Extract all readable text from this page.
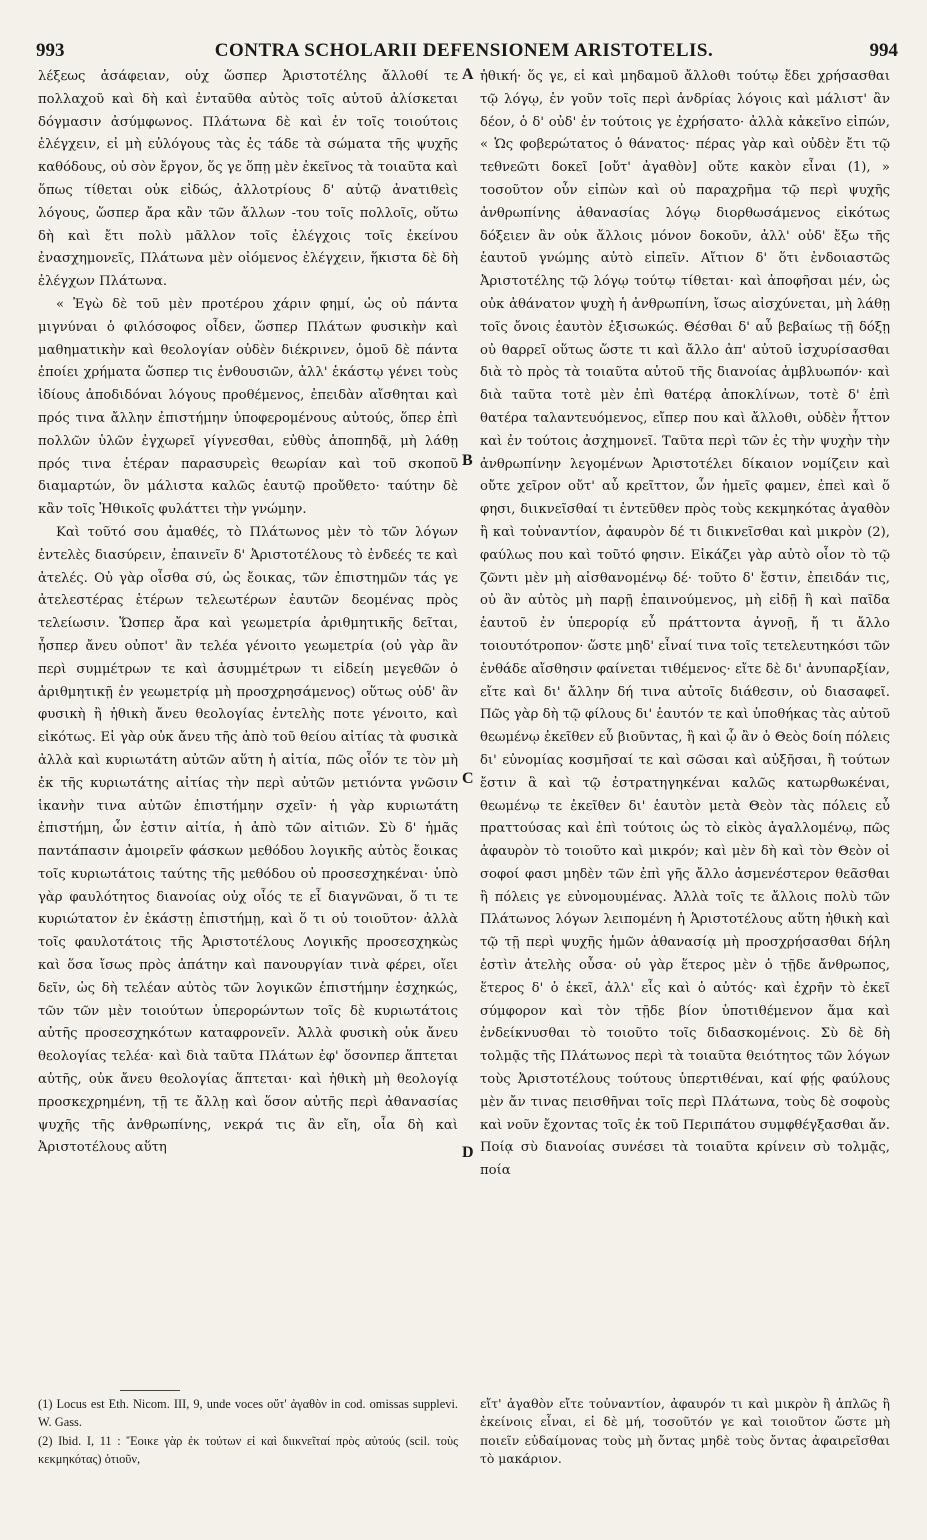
993	CONTRA SCHOLARII DEFENSIONEM ARISTOTELIS.	994

λέξεως ἀσάφειαν, οὐχ ὥσπερ Ἀριστοτέλης ἄλλοθί τε πολλαχοῦ καὶ δὴ καὶ ἐνταῦθα αὐτὸς τοῖς αὑτοῦ ἀλίσκεται δόγμασιν ἀσύμφωνος. Πλάτωνα δὲ καὶ ἐν τοῖς τοιούτοις ἐλέγχειν, εἰ μὴ εὐλόγους τὰς ἐς τάδε τὰ σώματα τῆς ψυχῆς καθόδους, οὐ σὸν ἔργον, ὅς γε ὅπῃ μὲν ἐκεῖνος τὰ τοιαῦτα καὶ ὅπως τίθεται οὐκ εἰδώς, ἀλλοτρίους δ' αὐτῷ ἀνατιθεὶς λόγους, ὥσπερ ἄρα κἂν τῶν ἄλλων ‑του τοῖς πολλοῖς, οὕτω δὴ καὶ ἔτι πολὺ μᾶλλον τοῖς ἐλέγχοις τοῖς ἐκείνου ἐνασχημονεῖς, Πλάτωνα μὲν οἰόμενος ἐλέγχειν, ἥκιστα δὲ δὴ ἐλέγχων Πλάτωνα.

« Ἐγὼ δὲ τοῦ μὲν προτέρου χάριν φημί, ὡς οὐ πάντα μιγνύναι ὁ φιλόσοφος οἶδεν, ὥσπερ Πλάτων φυσικὴν καὶ μαθηματικὴν καὶ θεολογίαν οὐδὲν διέκρινεν, ὁμοῦ δὲ πάντα ἐποίει χρήματα ὥσπερ τις ἐνθουσιῶν, ἀλλ' ἑκάστῳ γένει τοὺς ἰδίους ἀποδιδόναι λόγους προθέμενος, ἐπειδὰν αἴσθηται καὶ πρός τινα ἄλλην ἐπιστήμην ὑποφερομένους αὐτούς, ὅπερ ἐπὶ πολλῶν ὑλῶν ἐγχωρεῖ γίγνεσθαι, εὐθὺς ἀποπηδᾷ, μὴ λάθῃ πρός τινα ἑτέραν παρασυρεὶς θεωρίαν καὶ τοῦ σκοποῦ διαμαρτών, ὃν μάλιστα καλῶς ἑαυτῷ προὔθετο· ταύτην δὲ κἂν τοῖς Ἠθικοῖς φυλάττει τὴν γνώμην.

Καὶ τοῦτό σου ἀμαθές, τὸ Πλάτωνος μὲν τὸ τῶν λόγων ἐντελὲς διασύρειν, ἐπαινεῖν δ' Ἀριστοτέλους τὸ ἐνδεές τε καὶ ἀτελές. Οὐ γὰρ οἶσθα σύ, ὡς ἔοικας, τῶν ἐπιστημῶν τάς γε ἀτελεστέρας ἑτέρων τελεωτέρων ἑαυτῶν δεομένας πρὸς τελείωσιν. Ὥσπερ ἄρα καὶ γεωμετρία ἀριθμητικῆς δεῖται, ἧσπερ ἄνευ οὐποτ' ἂν τελέα γένοιτο γεωμετρία (οὐ γὰρ ἂν περὶ συμμέτρων τε καὶ ἀσυμμέτρων τι εἰδείη μεγεθῶν ὁ ἀριθμητικῇ ἐν γεωμετρίᾳ μὴ προσχρησάμενος) οὕτως οὐδ' ἂν φυσικὴ ἢ ἠθικὴ ἄνευ θεολογίας ἐντελὴς ποτε γένοιτο, καὶ εἰκότως. Εἰ γὰρ οὐκ ἄνευ τῆς ἀπὸ τοῦ θείου αἰτίας τὰ φυσικὰ ἀλλὰ καὶ κυριωτάτη αὐτῶν αὕτη ἡ αἰτία, πῶς οἷόν τε τὸν μὴ ἐκ τῆς κυριωτάτης αἰτίας τὴν περὶ αὐτῶν μετιόντα γνῶσιν ἱκανὴν τινα αὐτῶν ἐπιστήμην σχεῖν· ἡ γὰρ κυριωτάτη ἐπιστήμη, ὧν ἐστιν αἰτία, ἡ ἀπὸ τῶν αἰτιῶν. Σὺ δ' ἡμᾶς παντάπασιν ἀμοιρεῖν φάσκων μεθόδου λογικῆς αὐτὸς ἔοικας τοῖς κυριωτάτοις ταύτης τῆς μεθόδου οὐ προσεσχηκέναι· ὑπὸ γὰρ φαυλότητος διανοίας οὐχ οἷός τε εἶ διαγνῶναι, ὅ τι τε κυριώτατον ἐν ἑκάστῃ ἐπιστήμῃ, καὶ ὅ τι οὐ τοιοῦτον· ἀλλὰ τοῖς φαυλοτάτοις τῆς Ἀριστοτέλους Λογικῆς προσεσχηκὼς καὶ ὅσα ἴσως πρὸς ἀπάτην καὶ πανουργίαν τινὰ φέρει, οἴει δεῖν, ὡς δὴ τελέαν αὐτὸς τῶν λογικῶν ἐπιστήμην ἐσχηκώς, τῶν τῶν μὲν τοιούτων ὑπερορώντων τοῖς δὲ κυριωτάτοις αὐτῆς προσεσχηκότων καταφρονεῖν. Ἀλλὰ φυσικὴ οὐκ ἄνευ θεολογίας τελέα· καὶ διὰ ταῦτα Πλάτων ἐφ' ὅσονπερ ἅπτεται αὐτῆς, οὐκ ἄνευ θεολογίας ἅπτεται· καὶ ἠθικὴ μὴ θεολογίᾳ προσκεχρημένη, τῇ τε ἄλλῃ καὶ ὅσον αὐτῆς περὶ ἀθανασίας ψυχῆς τῆς ἀνθρωπίνης, νεκρά τις ἂν εἴη, οἷα δὴ καὶ Ἀριστοτέλους αὕτη

A
B
C
D

ἠθική· ὅς γε, εἰ καὶ μηδαμοῦ ἄλλοθι τούτῳ ἔδει χρήσασθαι τῷ λόγῳ, ἐν γοῦν τοῖς περὶ ἀνδρίας λόγοις καὶ μάλιστ' ἂν δέον, ὁ δ' οὐδ' ἐν τούτοις γε ἐχρήσατο· ἀλλὰ κἀκεῖνο εἰπών, « Ὡς φοβερώτατος ὁ θάνατος· πέρας γὰρ καὶ οὐδὲν ἔτι τῷ τεθνεῶτι δοκεῖ [οὔτ' ἀγαθὸν] οὔτε κακὸν εἶναι (1), » τοσοῦτον οὖν εἰπὼν καὶ οὐ παραχρῆμα τῷ περὶ ψυχῆς ἀνθρωπίνης ἀθανασίας λόγῳ διορθωσάμενος εἰκότως δόξειεν ἂν οὐκ ἄλλοις μόνον δοκοῦν, ἀλλ' οὐδ' ἔξω τῆς ἑαυτοῦ γνώμης αὐτὸ εἰπεῖν. Αἴτιον δ' ὅτι ἐνδοιαστῶς Ἀριστοτέλης τῷ λόγῳ τούτῳ τίθεται· καὶ ἀποφῆσαι μέν, ὡς οὐκ ἀθάνατον ψυχὴ ἡ ἀνθρωπίνη, ἴσως αἰσχύνεται, μὴ λάθῃ τοῖς ὄνοις ἑαυτὸν ἐξισωκώς. Θέσθαι δ' αὖ βεβαίως τῇ δόξῃ οὐ θαρρεῖ οὕτως ὥστε τι καὶ ἄλλο ἀπ' αὐτοῦ ἰσχυρίσασθαι διὰ τὸ πρὸς τὰ τοιαῦτα αὐτοῦ τῆς διανοίας ἀμβλυωπόν· καὶ διὰ ταῦτα τοτὲ μὲν ἐπὶ θατέρᾳ ἀποκλίνων, τοτὲ δ' ἐπὶ θατέρα ταλαντευόμενος, εἴπερ που καὶ ἄλλοθι, οὐδὲν ἧττον καὶ ἐν τούτοις ἀσχημονεῖ. Ταῦτα περὶ τῶν ἐς τὴν ψυχὴν τὴν ἀνθρωπίνην λεγομένων Ἀριστοτέλει δίκαιον νομίζειν καὶ οὔτε χεῖρον οὔτ' αὖ κρεῖττον, ὧν ἡμεῖς φαμεν, ἐπεὶ καὶ ὅ φησι, διικνεῖσθαί τι ἐντεῦθεν πρὸς τοὺς κεκμηκότας ἀγαθὸν ἢ καὶ τοὐναντίον, ἀφαυρὸν δέ τι διικνεῖσθαι καὶ μικρὸν (2), φαύλως που καὶ τοῦτό φησιν. Εἰκάζει γὰρ αὐτὸ οἷον τὸ τῷ ζῶντι μὲν μὴ αἰσθανομένῳ δέ· τοῦτο δ' ἔστιν, ἐπειδάν τις, οὐ ἂν αὐτὸς μὴ παρῇ ἐπαινούμενος, μὴ εἰδῇ ἢ καὶ παῖδα ἑαυτοῦ ἐν ὑπερορίᾳ εὖ πράττοντα ἀγνοῇ, ἤ τι ἄλλο τοιουτότροπον· ὥστε μηδ' εἶναί τινα τοῖς τετελευτηκόσι τῶν ἐνθάδε αἴσθησιν φαίνεται τιθέμενος· εἴτε δὲ δι' ἀνυπαρξίαν, εἴτε καὶ δι' ἄλλην δή τινα αὐτοῖς διάθεσιν, οὐ διασαφεῖ. Πῶς γὰρ δὴ τῷ φίλους δι' ἑαυτόν τε καὶ ὑποθήκας τὰς αὐτοῦ θεωμένῳ ἐκεῖθεν εὖ βιοῦντας, ἢ καὶ ᾧ ἂν ὁ Θεὸς δοίη πόλεις δι' εὐνομίας κοσμῆσαί τε καὶ σῶσαι καὶ αὐξῆσαι, ἢ τούτων ἔστιν ἃ καὶ τῷ ἐστρατηγηκέναι καλῶς κατωρθωκέναι, θεωμένῳ τε ἐκεῖθεν δι' ἑαυτὸν μετὰ Θεὸν τὰς πόλεις εὖ πραττούσας καὶ ἐπὶ τούτοις ὡς τὸ εἰκὸς ἀγαλλομένῳ, πῶς ἀφαυρὸν τὸ τοιοῦτο καὶ μικρόν; καὶ μὲν δὴ καὶ τὸν Θεὸν οἱ σοφοί φασι μηδὲν τῶν ἐπὶ γῆς ἄλλο ἀσμενέστερον θεᾶσθαι ἢ πόλεις γε εὐνομουμένας. Ἀλλὰ τοῖς τε ἄλλοις πολὺ τῶν Πλάτωνος λόγων λειπομένη ἡ Ἀριστοτέλους αὕτη ἠθικὴ καὶ τῷ τῇ περὶ ψυχῆς ἡμῶν ἀθανασίᾳ μὴ προσχρήσασθαι δήλη ἐστὶν ἀτελὴς οὖσα· οὐ γὰρ ἕτερος μὲν ὁ τῇδε ἄνθρωπος, ἕτερος δ' ὁ ἐκεῖ, ἀλλ' εἷς καὶ ὁ αὐτός· καὶ ἐχρῆν τὸ ἐκεῖ σύμφορον καὶ τὸν τῇδε βίον ὑποτιθέμενον ἅμα καὶ ἐνδείκνυσθαι τὸ τοιοῦτο τοῖς διδασκομένοις. Σὺ δὲ δὴ τολμᾷς τῆς Πλάτωνος περὶ τὰ τοιαῦτα θειότητος τῶν λόγων τοὺς Ἀριστοτέλους τούτους ὑπερτιθέναι, καί φῄς φαύλους μὲν ἄν τινας πεισθῆναι τοῖς περὶ Πλάτωνα, τοὺς δὲ σοφοὺς καὶ νοῦν ἔχοντας τοῖς ἐκ τοῦ Περιπάτου συμφθέγξασθαι ἄν. Ποίᾳ σὺ διανοίας συνέσει τὰ τοιαῦτα κρίνειν σὺ τολμᾷς, ποία

(1) Locus est Eth. Nicom. III, 9, unde voces οὔτ' ἀγαθὸν in cod. omissas supplevi. W. Gass.

(2) Ibid. I, 11 : Ἔοικε γὰρ ἐκ τούτων εἰ καὶ διικνεῖταί πρὸς αὐτούς (scil. τοὺς κεκμηκότας) ὁτιοῦν,

εἴτ' ἀγαθὸν εἴτε τοὐναντίον, ἀφαυρόν τι καὶ μικρὸν ἢ ἁπλῶς ἢ ἐκείνοις εἶναι, εἰ δὲ μή, τοσοῦτόν γε καὶ τοιοῦτον ὥστε μὴ ποιεῖν εὐδαίμονας τοὺς μὴ ὄντας μηδὲ τοὺς ὄντας ἀφαιρεῖσθαι τὸ μακάριον.
